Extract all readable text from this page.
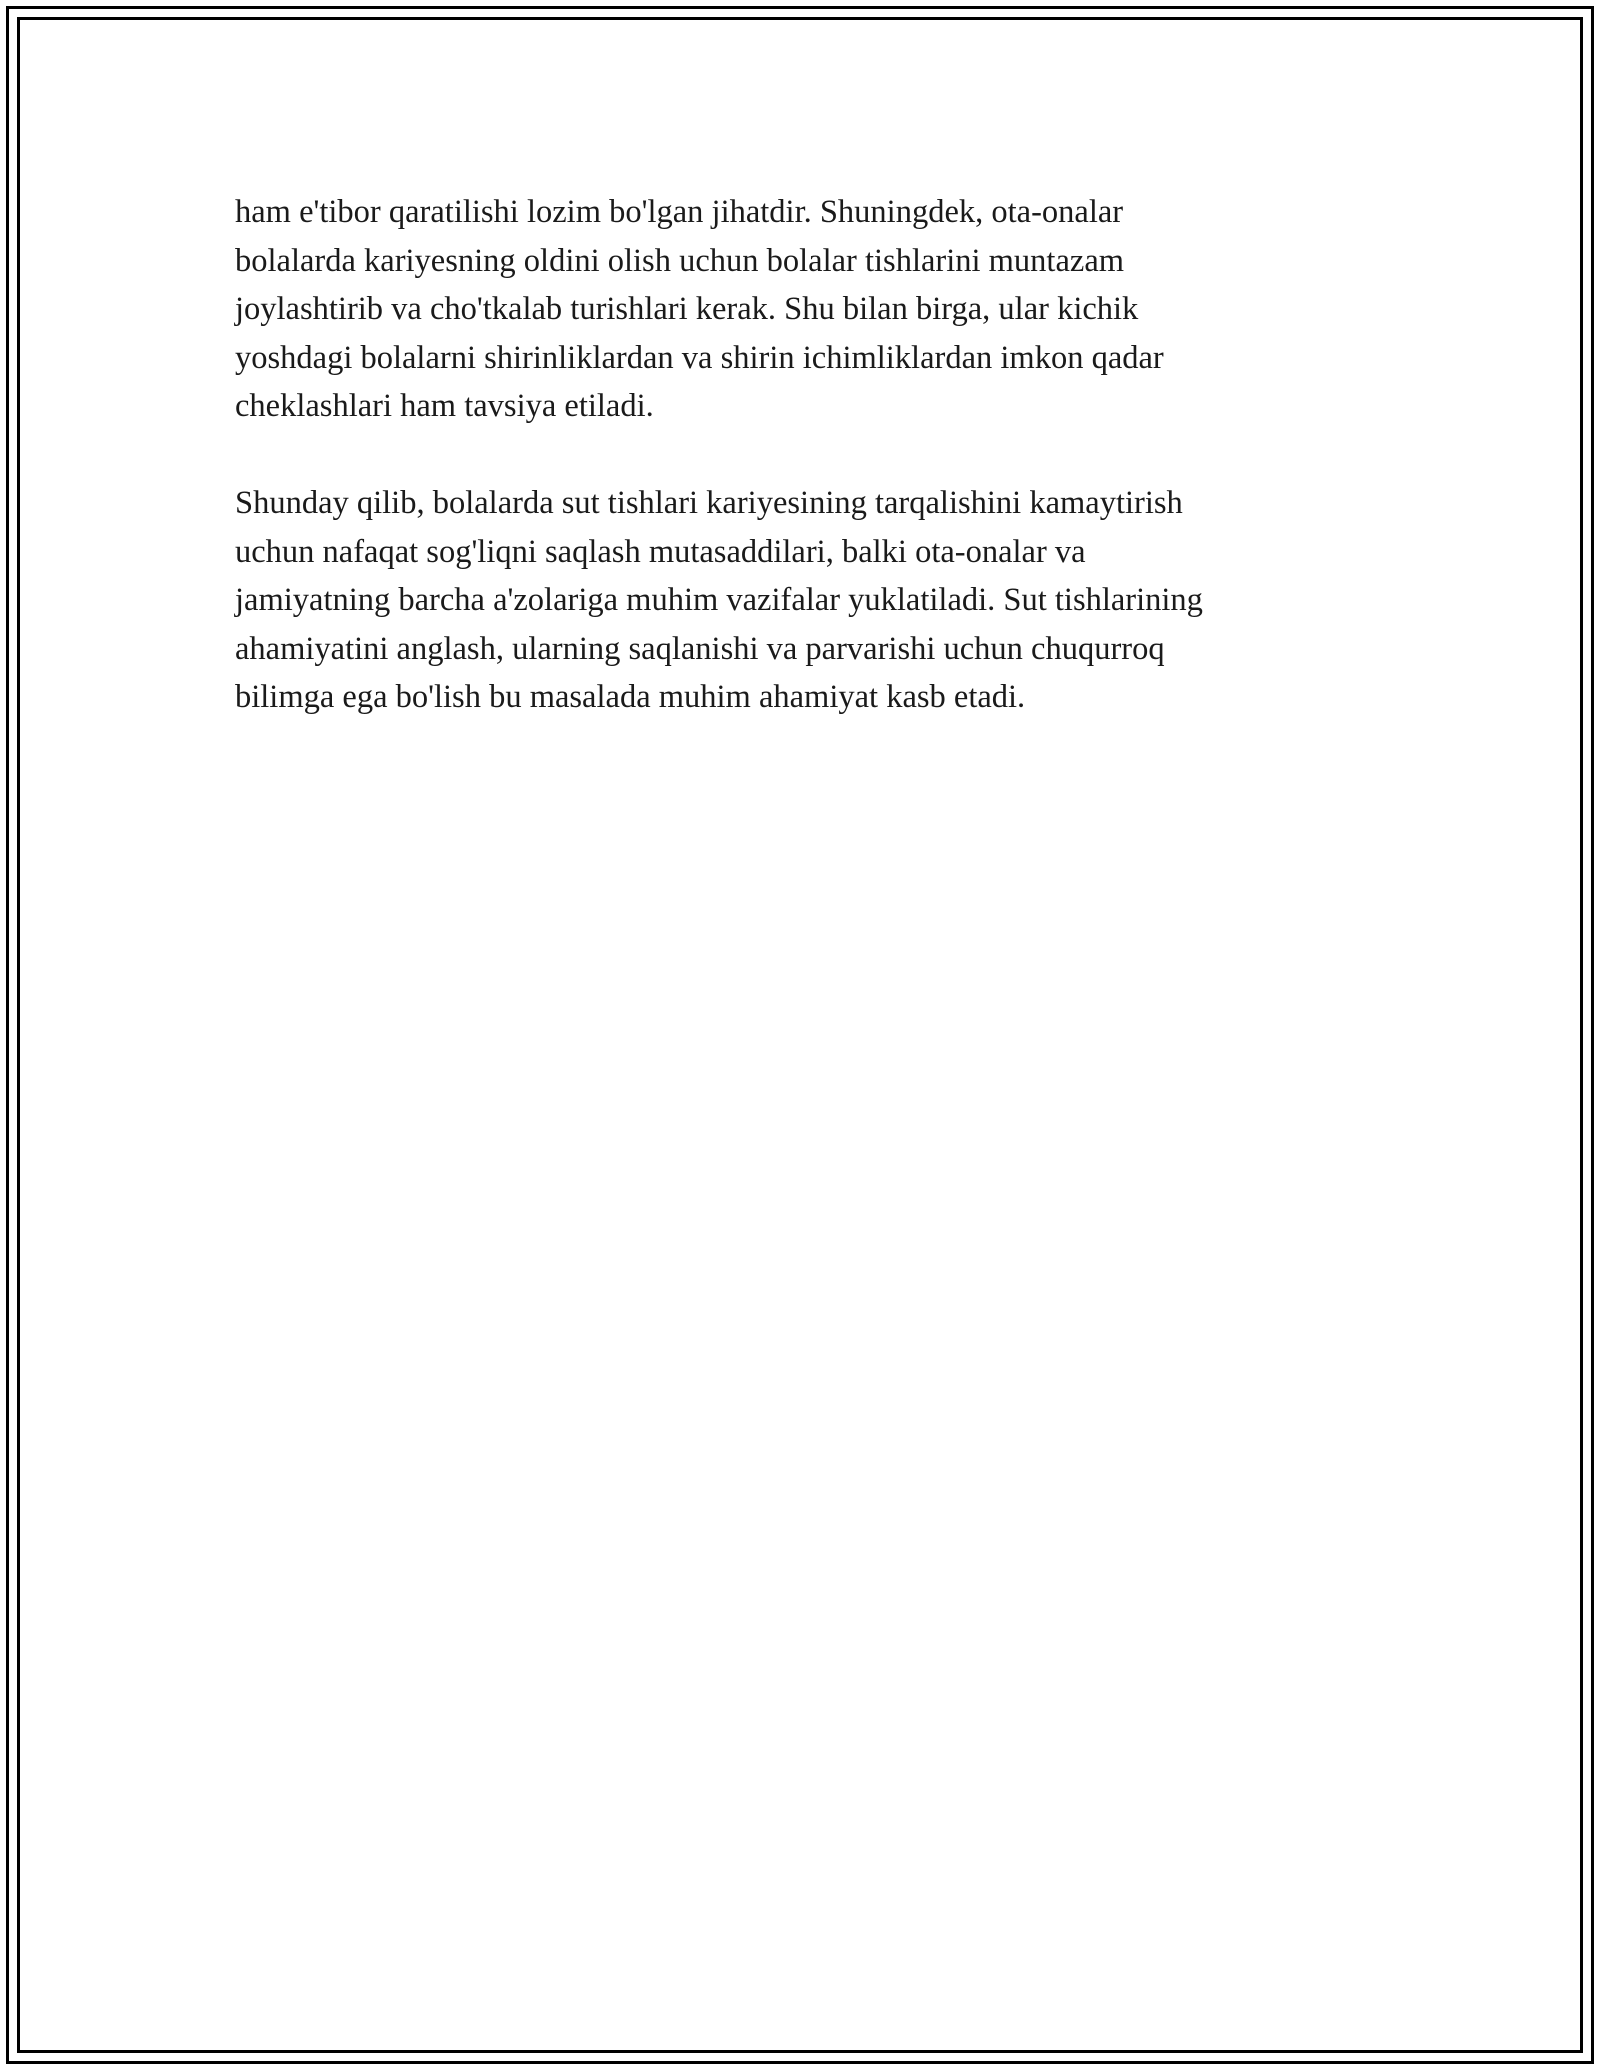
ham e'tibor qaratilishi lozim bo'lgan jihatdir. Shuningdek, ota-onalar
bolalarda kariyesning oldini olish uchun bolalar tishlarini muntazam
joylashtirib va cho'tkalab turishlari kerak. Shu bilan birga, ular kichik
yoshdagi bolalarni shirinliklardan va shirin ichimliklardan imkon qadar
cheklashlari ham tavsiya etiladi.

Shunday qilib, bolalarda sut tishlari kariyesining tarqalishini kamaytirish
uchun nafaqat sog'liqni saqlash mutasaddilari, balki ota-onalar va
jamiyatning barcha a'zolariga muhim vazifalar yuklatiladi. Sut tishlarining
ahamiyatini anglash, ularning saqlanishi va parvarishi uchun chuqurroq
bilimga ega bo'lish bu masalada muhim ahamiyat kasb etadi.
